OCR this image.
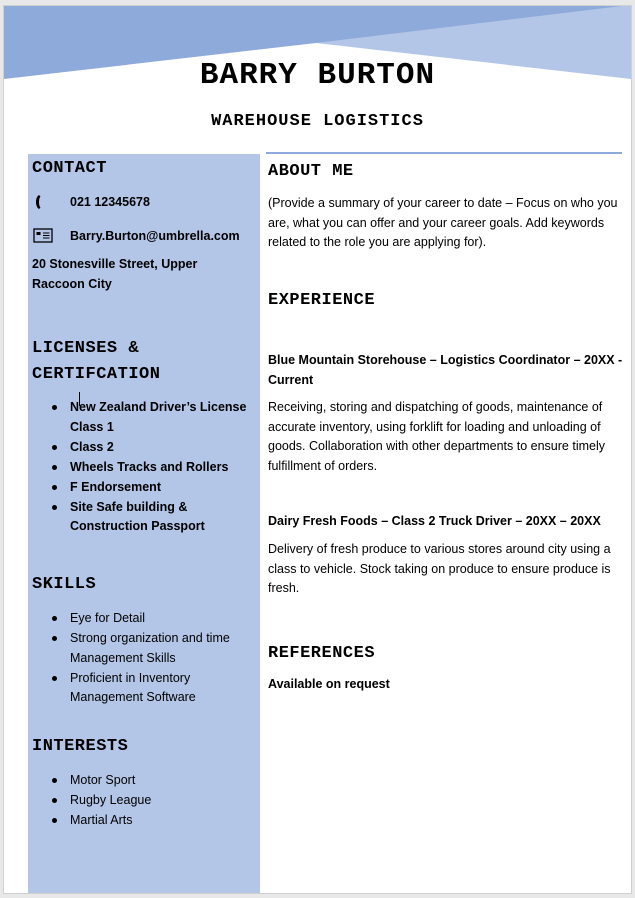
BARRY BURTON
WAREHOUSE LOGISTICS
CONTACT
021 12345678
Barry.Burton@umbrella.com

20 Stonesville Street, Upper Raccoon City

LICENSES &
CERTIFCATION
New Zealand Driver’s License Class 1
Class 2
Wheels Tracks and Rollers
F Endorsement
Site Safe building & Construction Passport
SKILLS
Eye for Detail
Strong organization and time Management Skills
Proficient in Inventory Management Software
INTERESTS
Motor Sport
Rugby League
Martial Arts
ABOUT ME

(Provide a summary of your career to date – Focus on who you are, what you can offer and your career goals. Add keywords related to the role you are applying for).

EXPERIENCE

Blue Mountain Storehouse – Logistics Coordinator – 20XX - Current

Receiving, storing and dispatching of goods, maintenance of accurate inventory, using forklift for loading and unloading of goods. Collaboration with other departments to ensure timely fulfillment of orders.

Dairy Fresh Foods – Class 2 Truck Driver – 20XX – 20XX

Delivery of fresh produce to various stores around city using a class to vehicle. Stock taking on produce to ensure produce is fresh.

REFERENCES

Available on request
